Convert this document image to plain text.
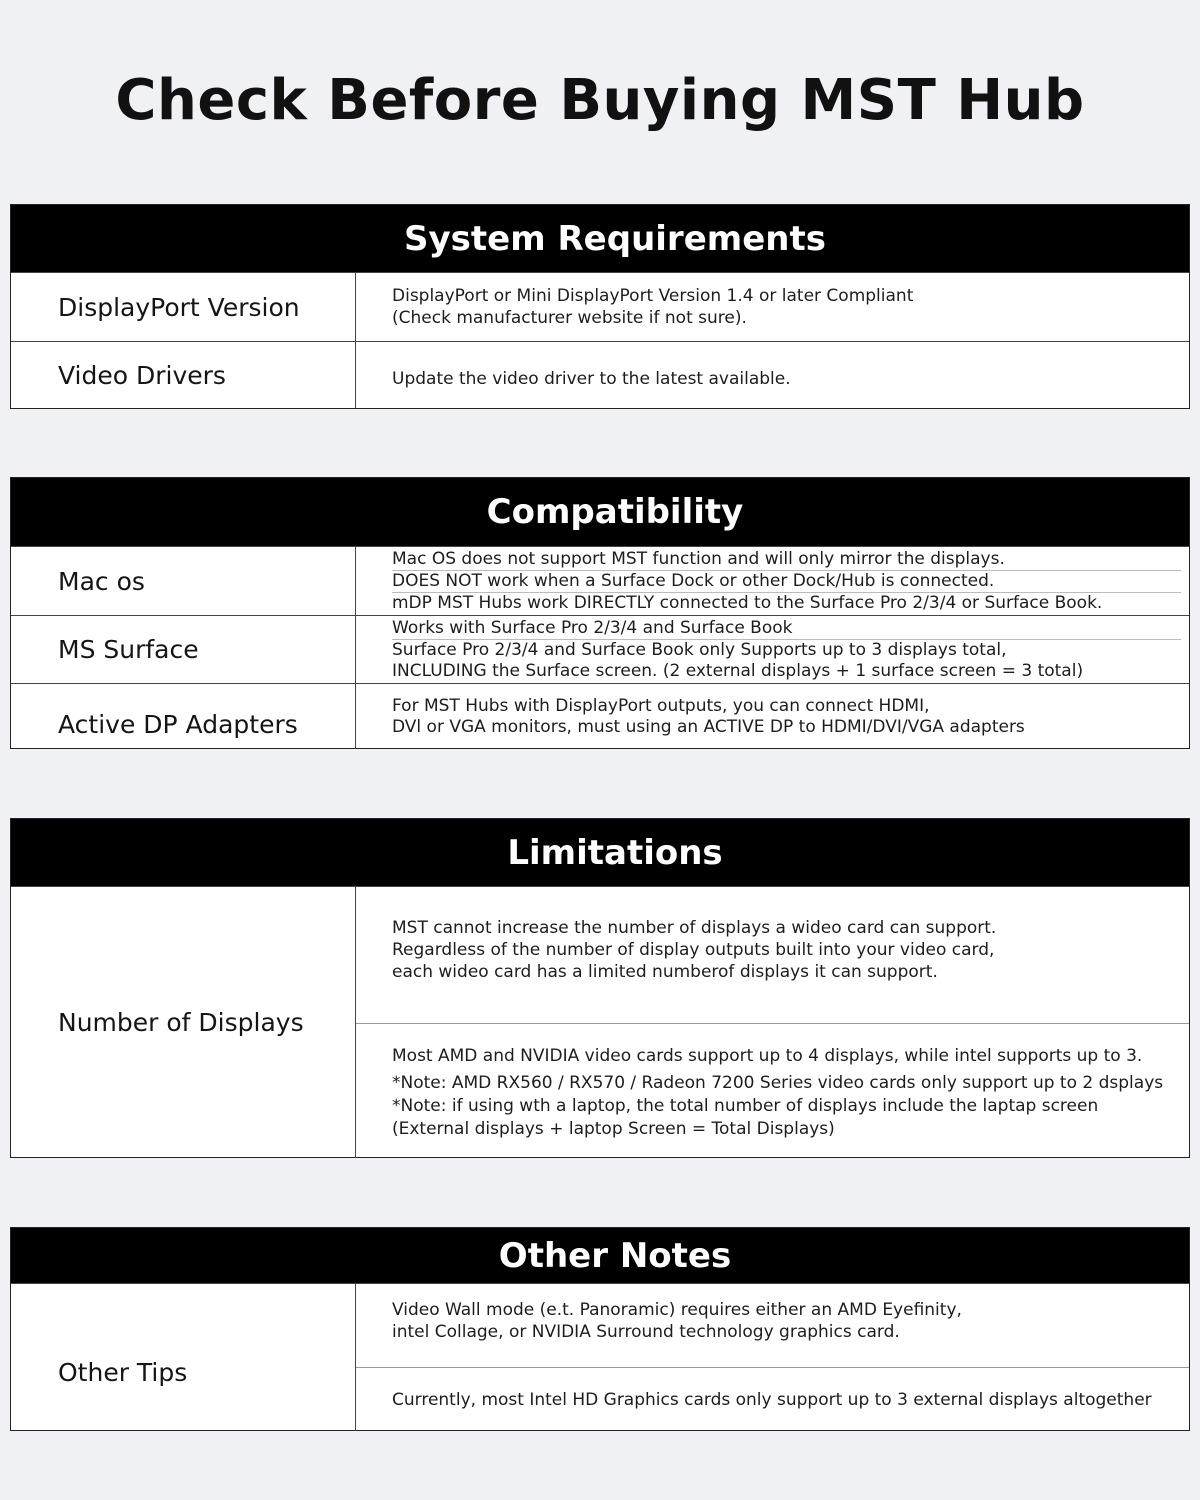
Check Before Buying MST Hub
System Requirements
DisplayPort Version	DisplayPort or Mini DisplayPort Version 1.4 or later Compliant
(Check manufacturer website if not sure).
Video Drivers	Update the video driver to the latest available.
Compatibility
Mac os
Mac OS does not support MST function and will only mirror the displays.
DOES NOT work when a Surface Dock or other Dock/Hub is connected.
mDP MST Hubs work DIRECTLY connected to the Surface Pro 2/3/4 or Surface Book.
MS Surface
Works with Surface Pro 2/3/4 and Surface Book
Surface Pro 2/3/4 and Surface Book only Supports up to 3 displays total,
INCLUDING the Surface screen. (2 external displays + 1 surface screen = 3 total)
Active DP Adapters
For MST Hubs with DisplayPort outputs, you can connect HDMI,
DVl or VGA monitors, must using an ACTIVE DP to HDMI/DVI/VGA adapters
Limitations
Number of Displays
MST cannot increase the number of displays a wideo card can support.
Regardless of the number of display outputs built into your video card,
each wideo card has a limited numberof displays it can support.
Most AMD and NVIDIA video cards support up to 4 displays, while intel supports up to 3.
*Note: AMD RX560 / RX570 / Radeon 7200 Series video cards only support up to 2 dsplays
*Note: if using wth a laptop, the total number of displays include the laptap screen
(External displays + laptop Screen = Total Displays)
Other Notes
Other Tips
Video Wall mode (e.t. Panoramic) requires either an AMD Eyefinity,
intel Collage, or NVIDIA Surround technology graphics card.
Currently, most Intel HD Graphics cards only support up to 3 external displays altogether
